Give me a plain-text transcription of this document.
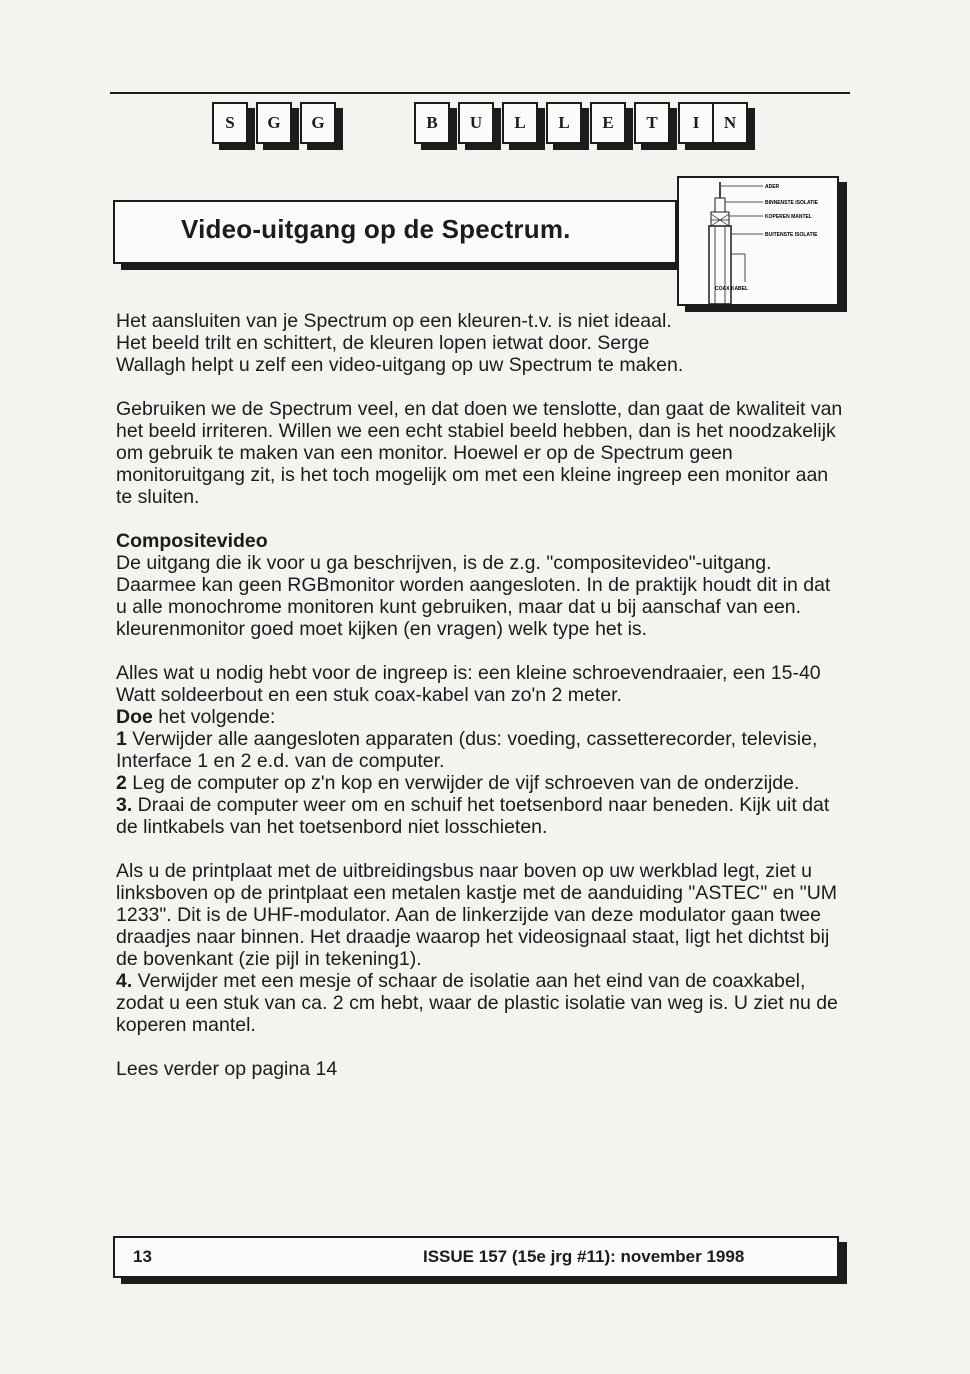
S	G	G	B	U	L	L	E	T	I	N
Video-uitgang op de Spectrum.
ADER
BINNENSTE ISOLATIE
KOPEREN MANTEL
BUITENSTE ISOLATIE
COAX KABEL

Het aansluiten van je Spectrum op een kleuren-t.v. is niet ideaal. Het beeld trilt en schittert, de kleuren lopen ietwat door. Serge Wallagh helpt u zelf een video-uitgang op uw Spectrum te maken.

Gebruiken we de Spectrum veel, en dat doen we tenslotte, dan gaat de kwaliteit van het beeld irriteren. Willen we een echt stabiel beeld hebben, dan is het noodzakelijk om gebruik te maken van een monitor. Hoewel er op de Spectrum geen monitoruitgang zit, is het toch mogelijk om met een kleine ingreep een monitor aan te sluiten.

Compositevideo
De uitgang die ik voor u ga beschrijven, is de z.g. "compositevideo"-uitgang. Daarmee kan geen RGBmonitor worden aangesloten. In de praktijk houdt dit in dat u alle monochrome monitoren kunt gebruiken, maar dat u bij aanschaf van een. kleurenmonitor goed moet kijken (en vragen) welk type het is.

Alles wat u nodig hebt voor de ingreep is: een kleine schroevendraaier, een 15-40 Watt soldeerbout en een stuk coax-kabel van zo'n 2 meter.
Doe het volgende:
1 Verwijder alle aangesloten apparaten (dus: voeding, cassetterecorder, televisie, Interface 1 en 2 e.d. van de computer.
2 Leg de computer op z'n kop en verwijder de vijf schroeven van de onderzijde.
3. Draai de computer weer om en schuif het toetsenbord naar beneden. Kijk uit dat de lintkabels van het toetsenbord niet losschieten.

Als u de printplaat met de uitbreidingsbus naar boven op uw werkblad legt, ziet u linksboven op de printplaat een metalen kastje met de aanduiding "ASTEC" en "UM 1233". Dit is de UHF-modulator. Aan de linkerzijde van deze modulator gaan twee draadjes naar binnen. Het draadje waarop het videosignaal staat, ligt het dichtst bij de bovenkant (zie pijl in tekening1).
4. Verwijder met een mesje of schaar de isolatie aan het eind van de coaxkabel, zodat u een stuk van ca. 2 cm hebt, waar de plastic isolatie van weg is. U ziet nu de koperen mantel.

Lees verder op pagina 14

13	ISSUE 157 (15e jrg #11): november 1998
